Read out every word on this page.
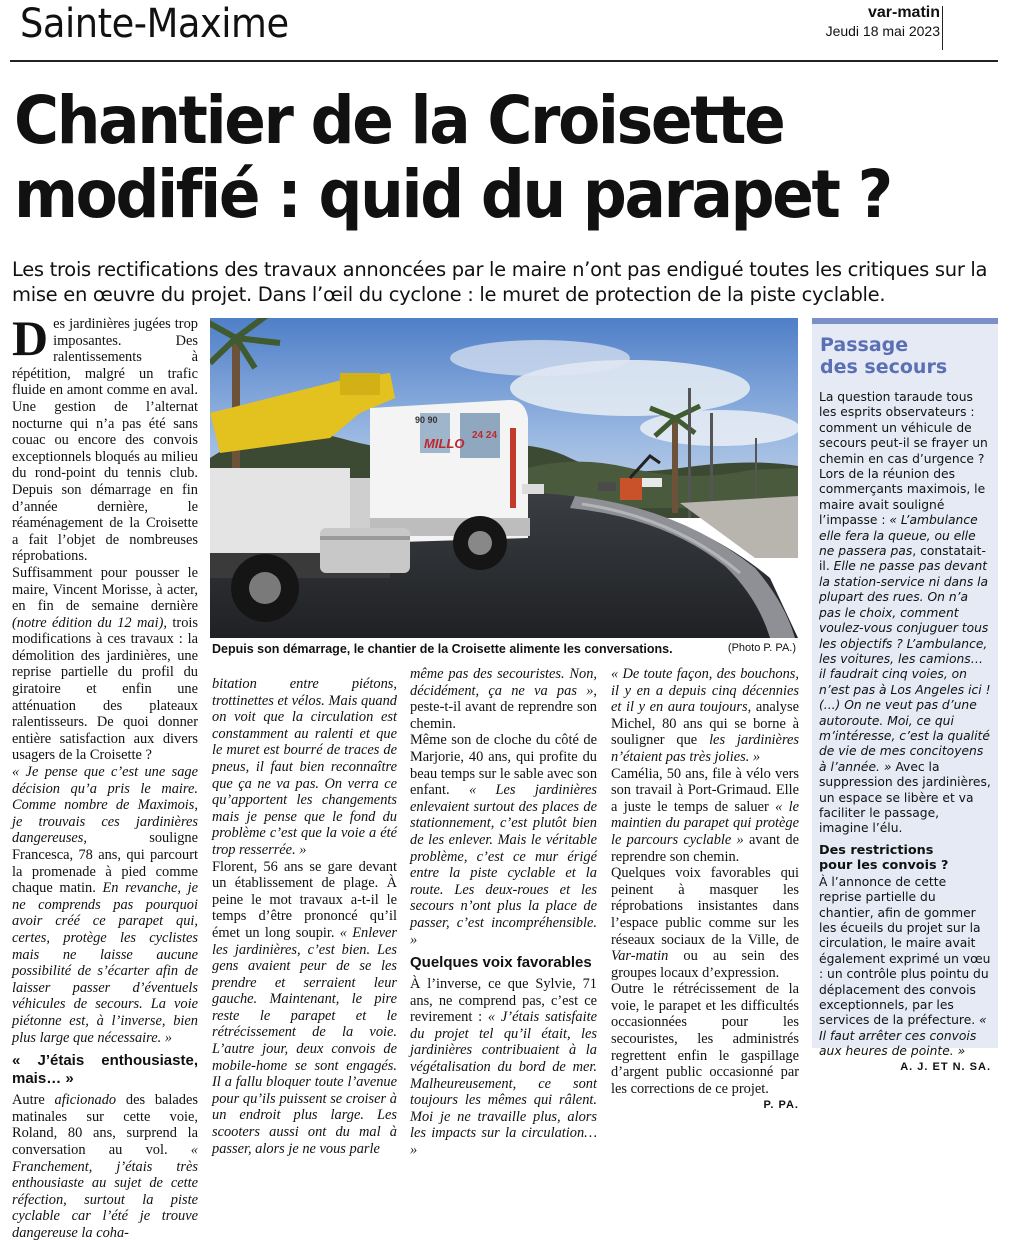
Sainte-Maxime	var-matin
Jeudi 18 mai 2023
Chantier de la Croisette
modifié : quid du parapet ?
Les trois rectifications des travaux annoncées par le maire n’ont pas endigué toutes les critiques sur la mise en œuvre du projet. Dans l’œil du cyclone : le muret de protection de la piste cyclable.

Des jardinières jugées trop imposantes. Des ralentissements à répétition, malgré un trafic fluide en amont comme en aval. Une gestion de l’alternat nocturne qui n’a pas été sans couac ou encore des convois exceptionnels bloqués au milieu du rond-point du tennis club. Depuis son démarrage en fin d’année dernière, le réaménagement de la Croisette a fait l’objet de nombreuses réprobations.

Suffisamment pour pousser le maire, Vincent Morisse, à acter, en fin de semaine dernière (notre édition du 12 mai), trois modifications à ces travaux : la démolition des jardinières, une reprise partielle du profil du giratoire et enfin une atténuation des plateaux ralentisseurs. De quoi donner entière satisfaction aux divers usagers de la Croisette ?

« Je pense que c’est une sage décision qu’a pris le maire. Comme nombre de Maximois, je trouvais ces jardinières dangereuses, souligne Francesca, 78 ans, qui parcourt la promenade à pied comme chaque matin. En revanche, je ne comprends pas pourquoi avoir créé ce parapet qui, certes, protège les cyclistes mais ne laisse aucune possibilité de s’écarter afin de laisser passer d’éventuels véhicules de secours. La voie piétonne est, à l’inverse, bien plus large que nécessaire. »

« J’étais enthousiaste, mais… »

Autre aficionado des balades matinales sur cette voie, Roland, 80 ans, surprend la conversation au vol. « Franchement, j’étais très enthousiaste au sujet de cette réfection, surtout la piste cyclable car l’été je trouve dangereuse la coha-

90 90
MILLO
24 24
Depuis son démarrage, le chantier de la Croisette alimente les conversations.	(Photo P. PA.)

bitation entre piétons, trottinettes et vélos. Mais quand on voit que la circulation est constamment au ralenti et que le muret est bourré de traces de pneus, il faut bien reconnaître que ça ne va pas. On verra ce qu’apportent les changements mais je pense que le fond du problème c’est que la voie a été trop resserrée. »

Florent, 56 ans se gare devant un établissement de plage. À peine le mot travaux a-t-il le temps d’être prononcé qu’il émet un long soupir. « Enlever les jardinières, c’est bien. Les gens avaient peur de se les prendre et serraient leur gauche. Maintenant, le pire reste le parapet et le rétrécissement de la voie. L’autre jour, deux convois de mobile-home se sont engagés. Il a fallu bloquer toute l’avenue pour qu’ils puissent se croiser à un endroit plus large. Les scooters aussi ont du mal à passer, alors je ne vous parle

même pas des secouristes. Non, décidément, ça ne va pas », peste-t-il avant de reprendre son chemin.

Même son de cloche du côté de Marjorie, 40 ans, qui profite du beau temps sur le sable avec son enfant. « Les jardinières enlevaient surtout des places de stationnement, c’est plutôt bien de les enlever. Mais le véritable problème, c’est ce mur érigé entre la piste cyclable et la route. Les deux-roues et les secours n’ont plus la place de passer, c’est incompréhensible. »

Quelques voix favorables

À l’inverse, ce que Sylvie, 71 ans, ne comprend pas, c’est ce revirement : « J’étais satisfaite du projet tel qu’il était, les jardinières contribuaient à la végétalisation du bord de mer. Malheureusement, ce sont toujours les mêmes qui râlent. Moi je ne travaille plus, alors les impacts sur la circulation… »

« De toute façon, des bouchons, il y en a depuis cinq décennies et il y en aura toujours, analyse Michel, 80 ans qui se borne à souligner que les jardinières n’étaient pas très jolies. »

Camélia, 50 ans, file à vélo vers son travail à Port-Grimaud. Elle a juste le temps de saluer « le maintien du parapet qui protège le parcours cyclable » avant de reprendre son chemin.

Quelques voix favorables qui peinent à masquer les réprobations insistantes dans l’espace public comme sur les réseaux sociaux de la Ville, de Var-matin ou au sein des groupes locaux d’expression.

Outre le rétrécissement de la voie, le parapet et les difficultés occasionnées pour les secouristes, les administrés regrettent enfin le gaspillage d’argent public occasionné par les corrections de ce projet.

P. PA.
Passage
des secours
La question taraude tous les esprits observateurs : comment un véhicule de secours peut-il se frayer un chemin en cas d’urgence ? Lors de la réunion des commerçants maximois, le maire avait souligné l’impasse : « L’ambulance elle fera la queue, ou elle ne passera pas, constatait-il. Elle ne passe pas devant la station-service ni dans la plupart des rues. On n’a pas le choix, comment voulez-vous conjuguer tous les objectifs ? L’ambulance, les voitures, les camions… il faudrait cinq voies, on n’est pas à Los Angeles ici ! (...) On ne veut pas d’une autoroute. Moi, ce qui m’intéresse, c’est la qualité de vie de mes concitoyens à l’année. » Avec la suppression des jardinières, un espace se libère et va faciliter le passage, imagine l’élu.
Des restrictions
pour les convois ?
À l’annonce de cette reprise partielle du chantier, afin de gommer les écueils du projet sur la circulation, le maire avait également exprimé un vœu : un contrôle plus pointu du déplacement des convois exceptionnels, par les services de la préfecture. « Il faut arrêter ces convois aux heures de pointe. »
A. J. ET N. SA.
